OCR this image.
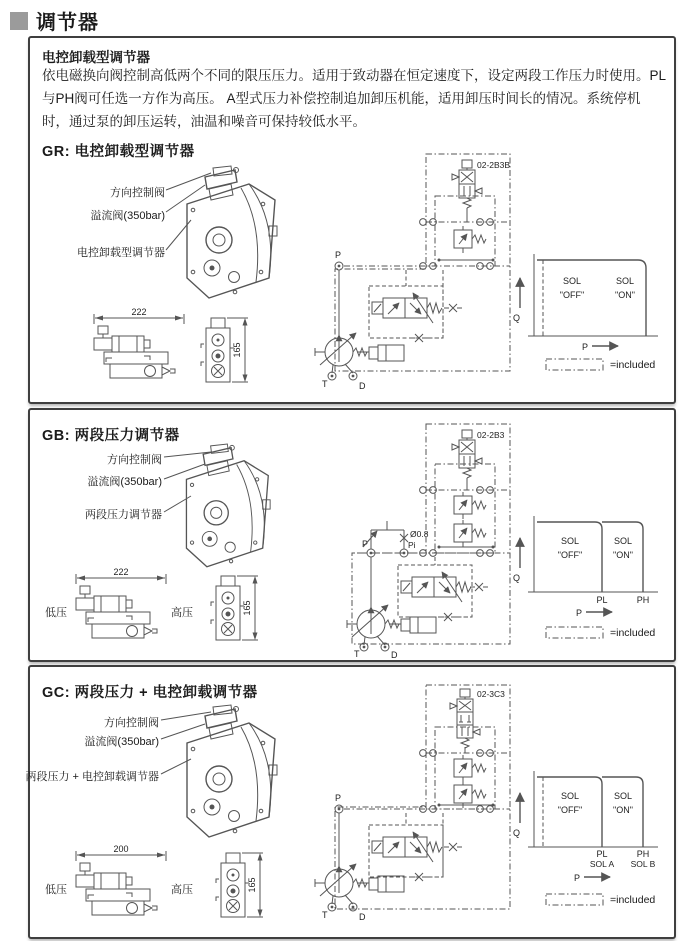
调节器
电控卸载型调节器
依电磁换向阀控制高低两个不同的限压压力。适用于致动器在恒定速度下，设定两段工作压力时使用。PL与PH阀可任选一方作为高压。 A型式压力补偿控制追加卸压机能，适用卸压时间长的情况。系统停机时，通过泵的卸压运转，油温和噪音可保持较低水平。
GR: 电控卸载型调节器
方向控制阀
溢流阀(350bar)
电控卸载型调节器
222
165
02-2B3B
P
T	D
Q
SOL
"OFF"
SOL
"ON"
P
=included
GB: 两段压力调节器
方向控制阀
溢流阀(350bar)
两段压力调节器
低压	高压
222
165
02-2B3
P	Pi
Ø0.8
T	D
Q
SOL
"OFF"
SOL
"ON"
PL	PH
P
=included
GC: 两段压力 + 电控卸载调节器
方向控制阀
溢流阀(350bar)
两段压力 + 电控卸载调节器
低压	高压
200
165
02-3C3
P
T	D
Q
SOL
"OFF"
SOL
"ON"
PL
SOL A
PH
SOL B
P
=included
